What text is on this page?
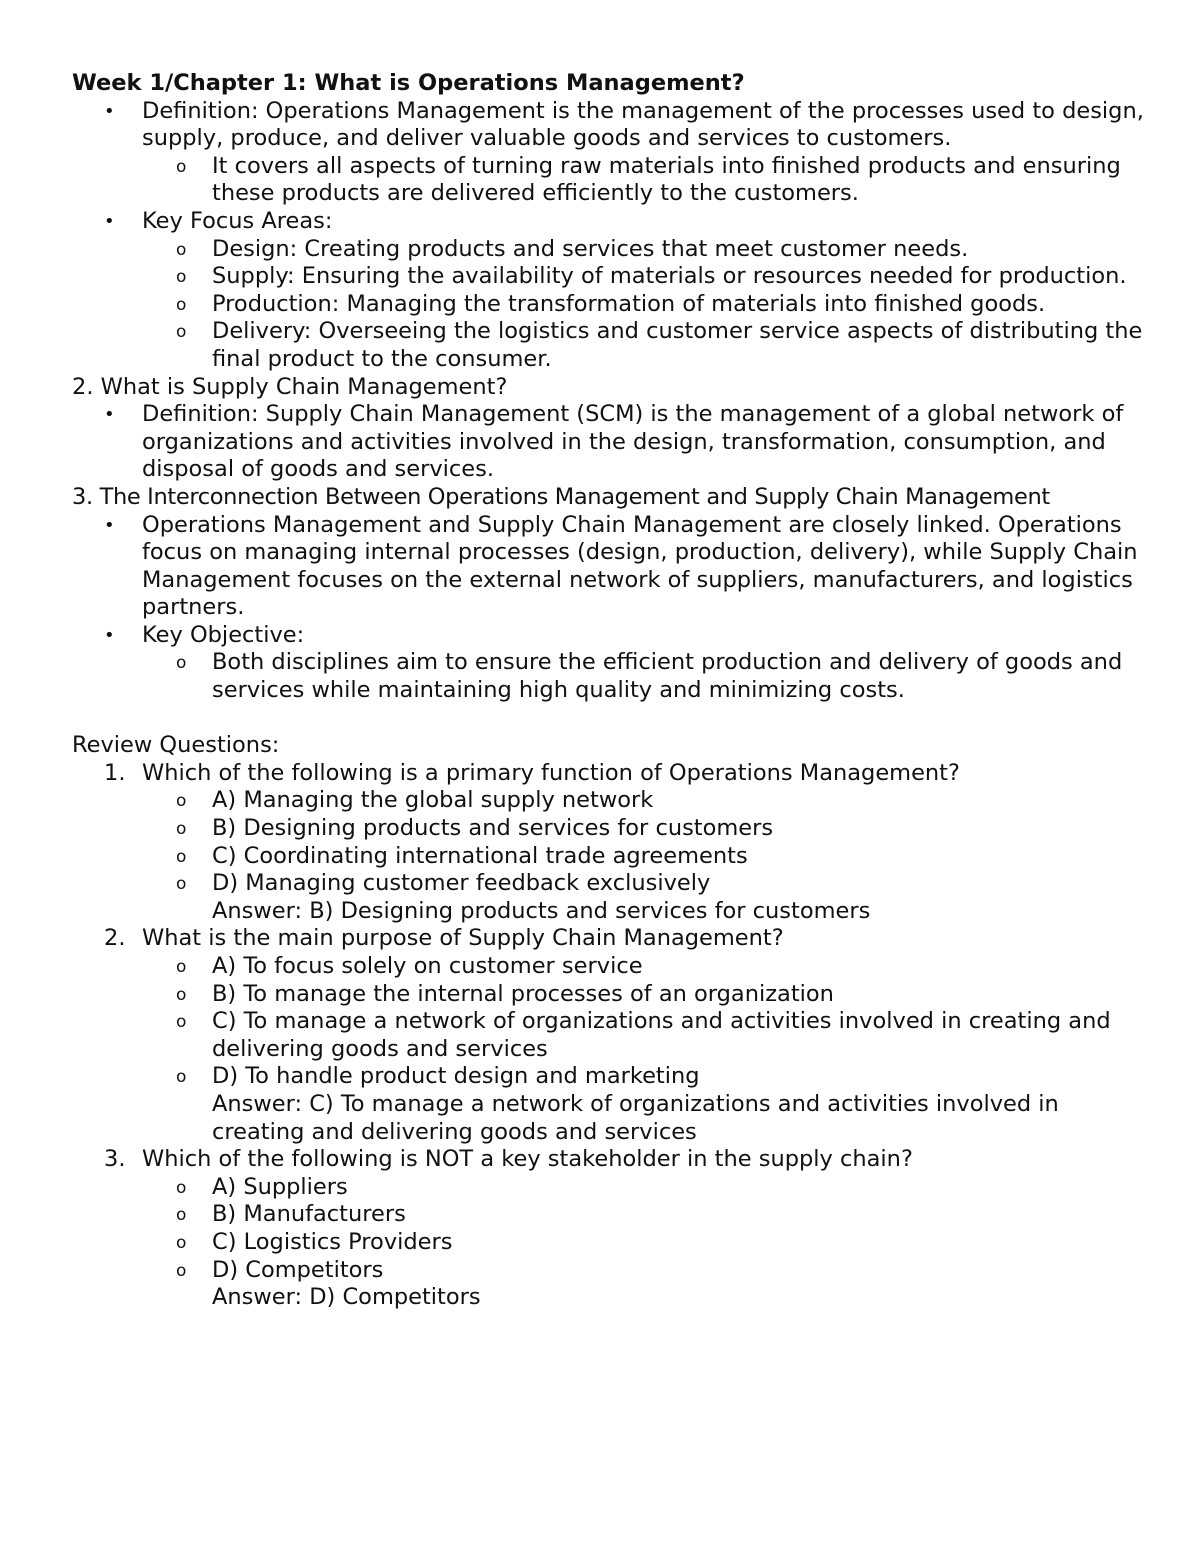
Week 1/Chapter 1: What is Operations Management?

• Definition: Operations Management is the management of the processes used to design, supply, produce, and deliver valuable goods and services to customers.
o It covers all aspects of turning raw materials into finished products and ensuring these products are delivered efficiently to the customers.
• Key Focus Areas:
o Design: Creating products and services that meet customer needs.
o Supply: Ensuring the availability of materials or resources needed for production.
o Production: Managing the transformation of materials into finished goods.
o Delivery: Overseeing the logistics and customer service aspects of distributing the final product to the consumer.

2. What is Supply Chain Management?

• Definition: Supply Chain Management (SCM) is the management of a global network of organizations and activities involved in the design, transformation, consumption, and disposal of goods and services.

3. The Interconnection Between Operations Management and Supply Chain Management

• Operations Management and Supply Chain Management are closely linked. Operations focus on managing internal processes (design, production, delivery), while Supply Chain Management focuses on the external network of suppliers, manufacturers, and logistics partners.
• Key Objective:
o Both disciplines aim to ensure the efficient production and delivery of goods and services while maintaining high quality and minimizing costs.

Review Questions:

1. Which of the following is a primary function of Operations Management?
o A) Managing the global supply network
o B) Designing products and services for customers
o C) Coordinating international trade agreements
o D) Managing customer feedback exclusively

Answer: B) Designing products and services for customers

2. What is the main purpose of Supply Chain Management?
o A) To focus solely on customer service
o B) To manage the internal processes of an organization
o C) To manage a network of organizations and activities involved in creating and delivering goods and services
o D) To handle product design and marketing

Answer: C) To manage a network of organizations and activities involved in creating and delivering goods and services

3. Which of the following is NOT a key stakeholder in the supply chain?
o A) Suppliers
o B) Manufacturers
o C) Logistics Providers
o D) Competitors

Answer: D) Competitors
